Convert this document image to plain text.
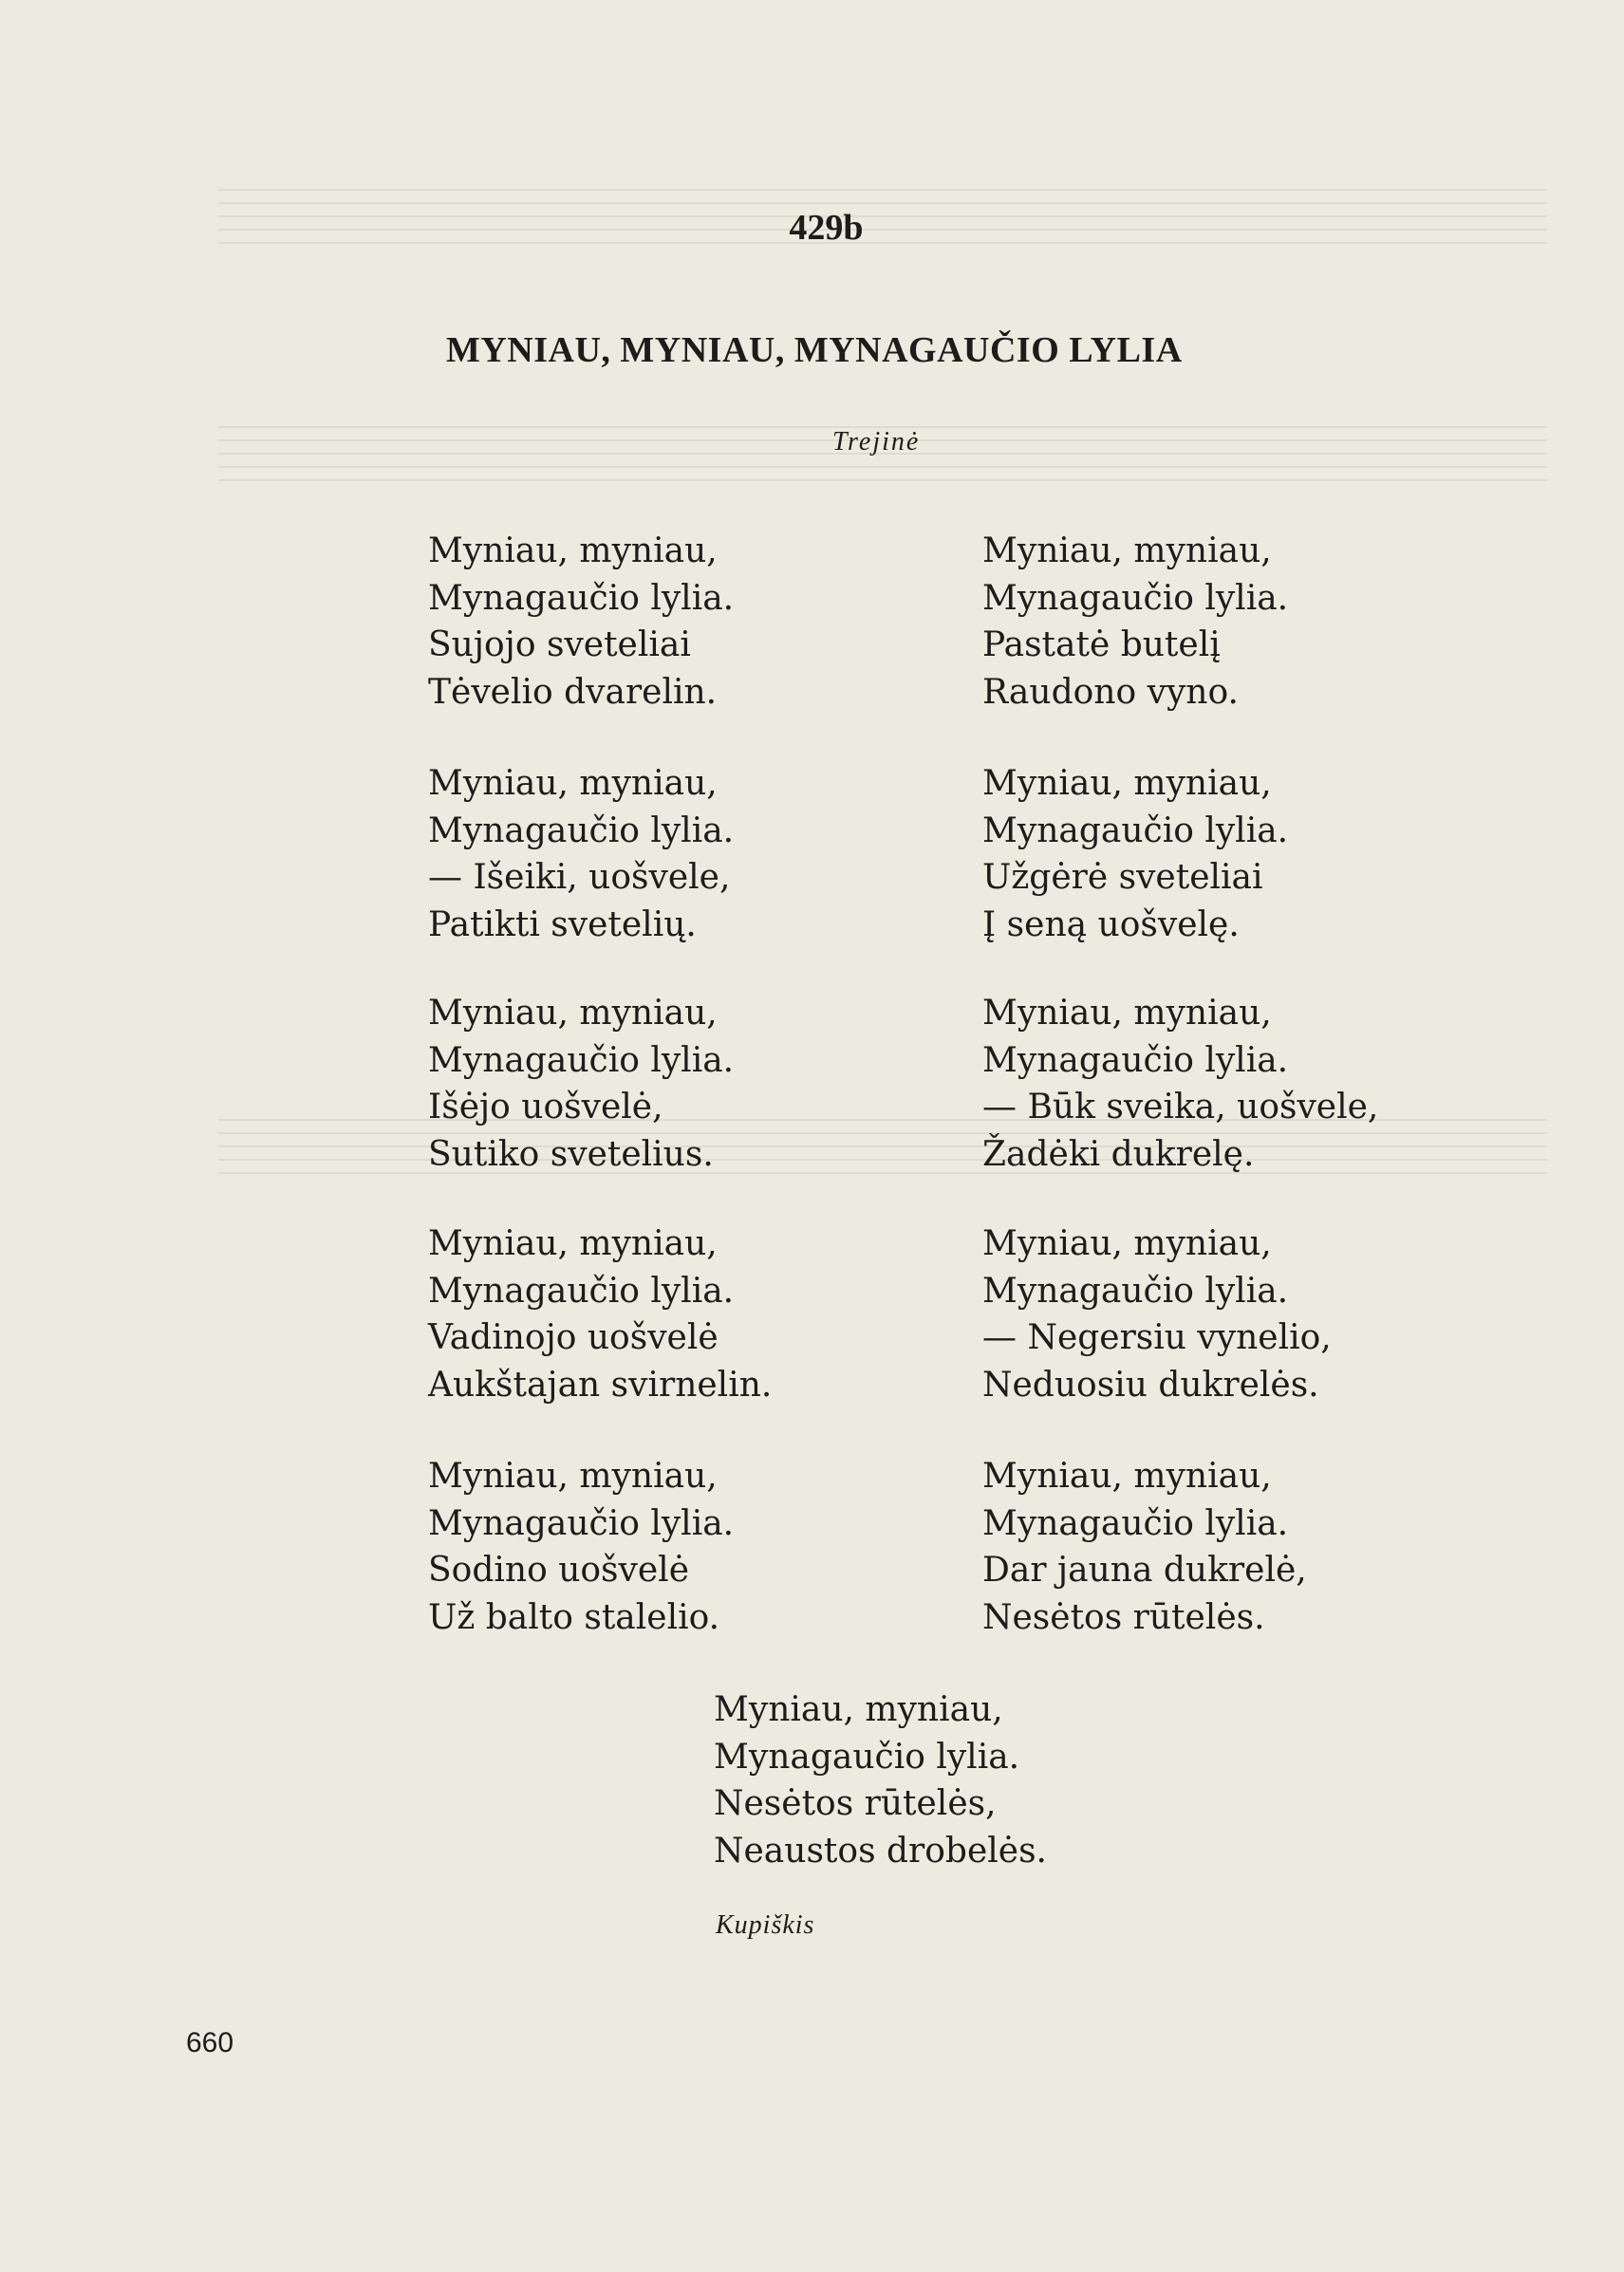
429b
MYNIAU, MYNIAU, MYNAGAUČIO LYLIA
Trejinė
Myniau, myniau,
Mynagaučio lylia.
Sujojo sveteliai
Tėvelio dvarelin.
Myniau, myniau,
Mynagaučio lylia.
— Išeiki, uošvele,
Patikti svetelių.
Myniau, myniau,
Mynagaučio lylia.
Išėjo uošvelė,
Sutiko svetelius.
Myniau, myniau,
Mynagaučio lylia.
Vadinojo uošvelė
Aukštajan svirnelin.
Myniau, myniau,
Mynagaučio lylia.
Sodino uošvelė
Už balto stalelio.
Myniau, myniau,
Mynagaučio lylia.
Pastatė butelį
Raudono vyno.
Myniau, myniau,
Mynagaučio lylia.
Užgėrė sveteliai
Į seną uošvelę.
Myniau, myniau,
Mynagaučio lylia.
— Būk sveika, uošvele,
Žadėki dukrelę.
Myniau, myniau,
Mynagaučio lylia.
— Negersiu vynelio,
Neduosiu dukrelės.
Myniau, myniau,
Mynagaučio lylia.
Dar jauna dukrelė,
Nesėtos rūtelės.
Myniau, myniau,
Mynagaučio lylia.
Nesėtos rūtelės,
Neaustos drobelės.
Kupiškis
660
